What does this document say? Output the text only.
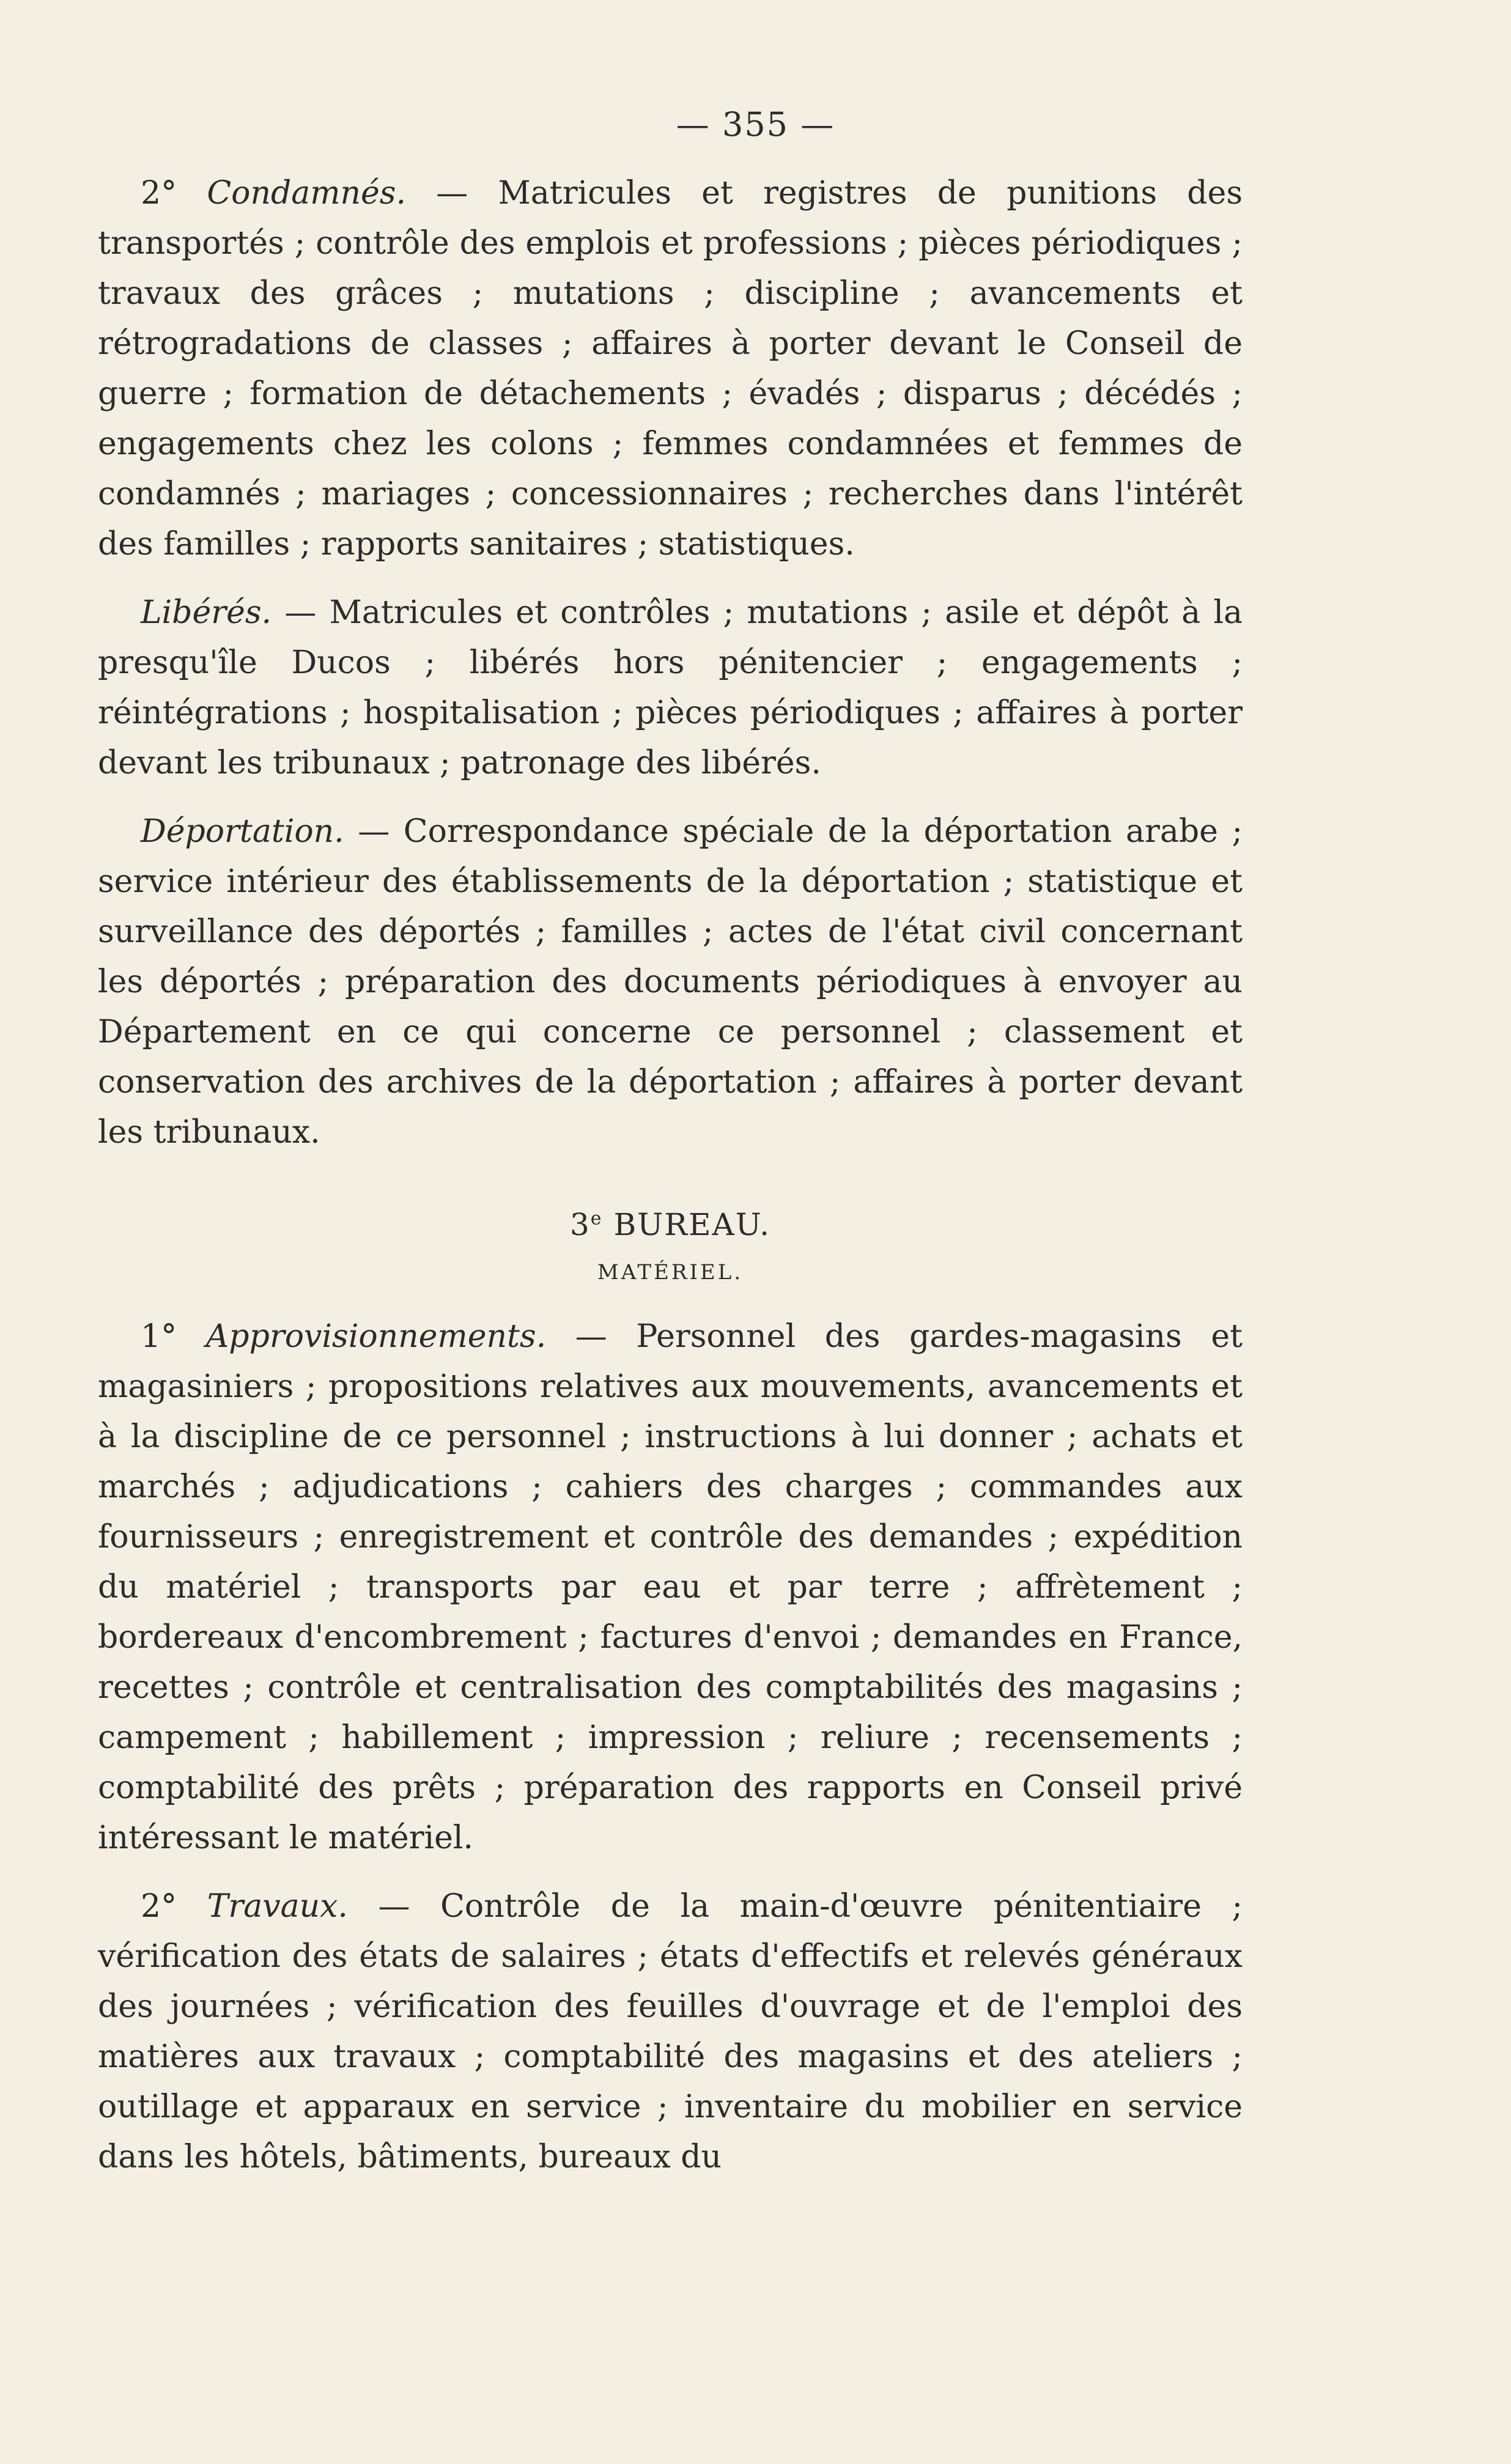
— 355 —

2° Condamnés. — Matricules et registres de punitions des transportés ; contrôle des emplois et professions ; pièces périodiques ; travaux des grâces ; mutations ; discipline ; avancements et rétrogradations de classes ; affaires à porter devant le Conseil de guerre ; formation de détachements ; évadés ; disparus ; décédés ; engagements chez les colons ; femmes condamnées et femmes de condamnés ; mariages ; concessionnaires ; recherches dans l'intérêt des familles ; rapports sanitaires ; statistiques.

Libérés. — Matricules et contrôles ; mutations ; asile et dépôt à la presqu'île Ducos ; libérés hors pénitencier ; engagements ; réintégrations ; hospitalisation ; pièces périodiques ; affaires à porter devant les tribunaux ; patronage des libérés.

Déportation. — Correspondance spéciale de la déportation arabe ; service intérieur des établissements de la déportation ; statistique et surveillance des déportés ; familles ; actes de l'état civil concernant les déportés ; préparation des documents périodiques à envoyer au Département en ce qui concerne ce personnel ; classement et conservation des archives de la déportation ; affaires à porter devant les tribunaux.

3e BUREAU.
MATÉRIEL.

1° Approvisionnements. — Personnel des gardes-magasins et magasiniers ; propositions relatives aux mouvements, avancements et à la discipline de ce personnel ; instructions à lui donner ; achats et marchés ; adjudications ; cahiers des charges ; commandes aux fournisseurs ; enregistrement et contrôle des demandes ; expédition du matériel ; transports par eau et par terre ; affrètement ; bordereaux d'encombrement ; factures d'envoi ; demandes en France, recettes ; contrôle et centralisation des comptabilités des magasins ; campement ; habillement ; impression ; reliure ; recensements ; comptabilité des prêts ; préparation des rapports en Conseil privé intéressant le matériel.

2° Travaux. — Contrôle de la main-d'œuvre pénitentiaire ; vérification des états de salaires ; états d'effectifs et relevés généraux des journées ; vérification des feuilles d'ouvrage et de l'emploi des matières aux travaux ; comptabilité des magasins et des ateliers ; outillage et apparaux en service ; inventaire du mobilier en service dans les hôtels, bâtiments, bureaux du
